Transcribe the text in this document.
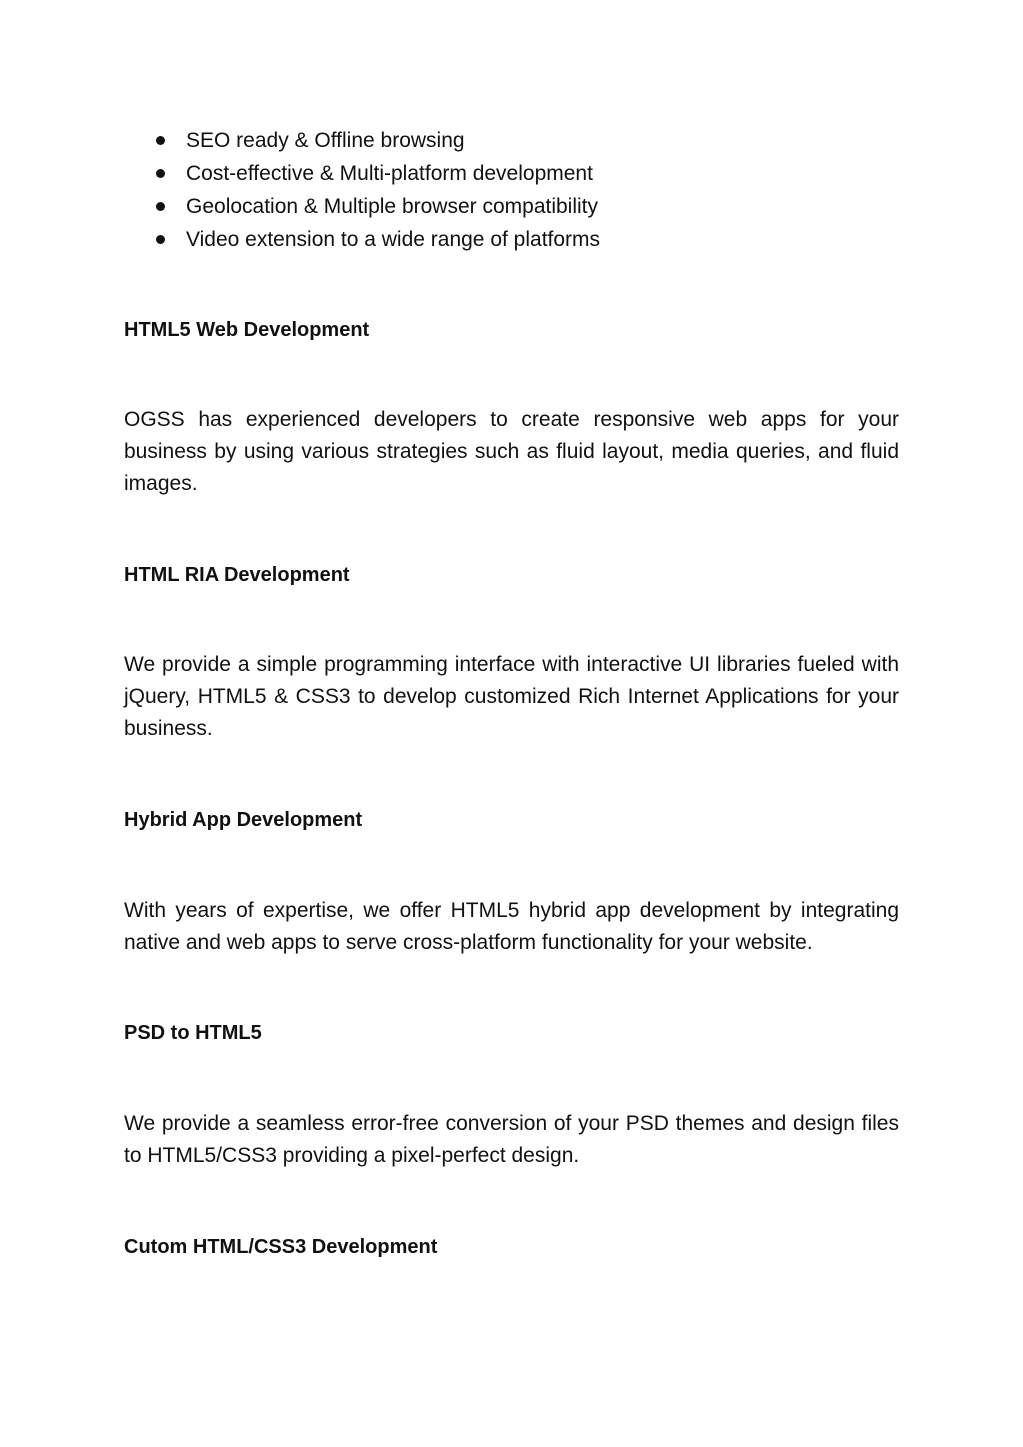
SEO ready & Offline browsing
Cost-effective & Multi-platform development
Geolocation & Multiple browser compatibility
Video extension to a wide range of platforms
HTML5 Web Development

OGSS has experienced developers to create responsive web apps for your business by using various strategies such as fluid layout, media queries, and fluid images.

HTML RIA Development

We provide a simple programming interface with interactive UI libraries fueled with jQuery, HTML5 & CSS3 to develop customized Rich Internet Applications for your business.

Hybrid App Development

With years of expertise, we offer HTML5 hybrid app development by integrating native and web apps to serve cross-platform functionality for your website.

PSD to HTML5

We provide a seamless error-free conversion of your PSD themes and design files to HTML5/CSS3 providing a pixel-perfect design.

Cutom HTML/CSS3 Development
